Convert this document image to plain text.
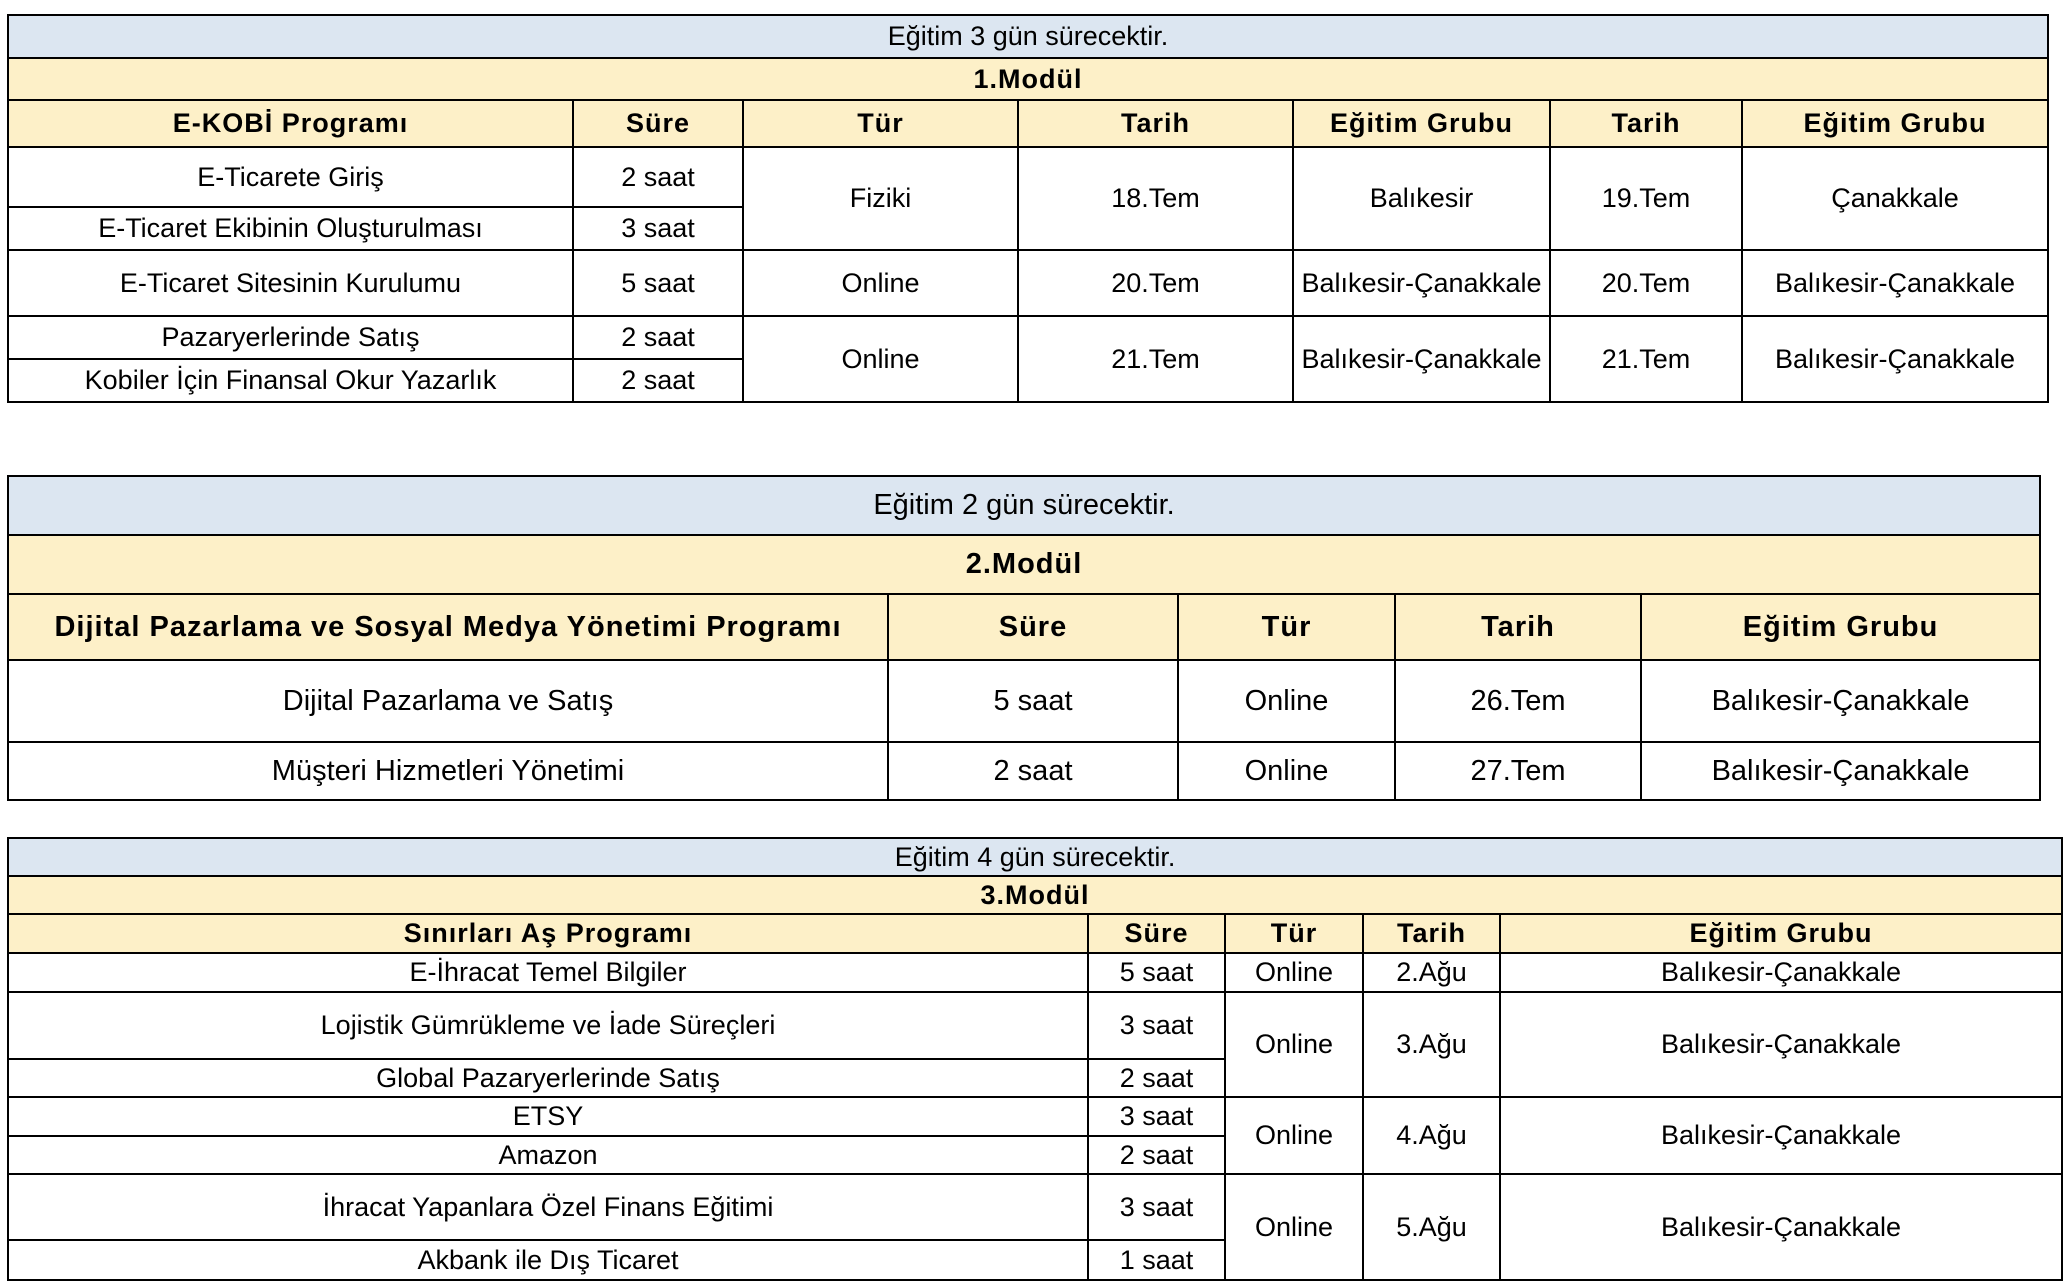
Eğitim 3 gün sürecektir.						
1.Modül						
E-KOBİ Programı	Süre	Tür	Tarih	Eğitim Grubu	Tarih	Eğitim Grubu
E-Ticarete Giriş	2 saat	Fiziki	18.Tem	Balıkesir	19.Tem	Çanakkale
E-Ticaret Ekibinin Oluşturulması	3 saat					
E-Ticaret Sitesinin Kurulumu	5 saat	Online	20.Tem	Balıkesir-Çanakkale	20.Tem	Balıkesir-Çanakkale
Pazaryerlerinde Satış	2 saat	Online	21.Tem	Balıkesir-Çanakkale	21.Tem	Balıkesir-Çanakkale
Kobiler İçin Finansal Okur Yazarlık	2 saat					
Eğitim 2 gün sürecektir.				
2.Modül				
Dijital Pazarlama ve Sosyal Medya Yönetimi Programı	Süre	Tür	Tarih	Eğitim Grubu
Dijital Pazarlama ve Satış	5 saat	Online	26.Tem	Balıkesir-Çanakkale
Müşteri Hizmetleri Yönetimi	2 saat	Online	27.Tem	Balıkesir-Çanakkale
Eğitim 4 gün sürecektir.				
3.Modül				
Sınırları Aş Programı	Süre	Tür	Tarih	Eğitim Grubu
E-İhracat Temel Bilgiler	5 saat	Online	2.Ağu	Balıkesir-Çanakkale
Lojistik Gümrükleme ve İade Süreçleri	3 saat	Online	3.Ağu	Balıkesir-Çanakkale
Global Pazaryerlerinde Satış	2 saat			
ETSY	3 saat	Online	4.Ağu	Balıkesir-Çanakkale
Amazon	2 saat			
İhracat Yapanlara Özel Finans Eğitimi	3 saat	Online	5.Ağu	Balıkesir-Çanakkale
Akbank ile Dış Ticaret	1 saat			
